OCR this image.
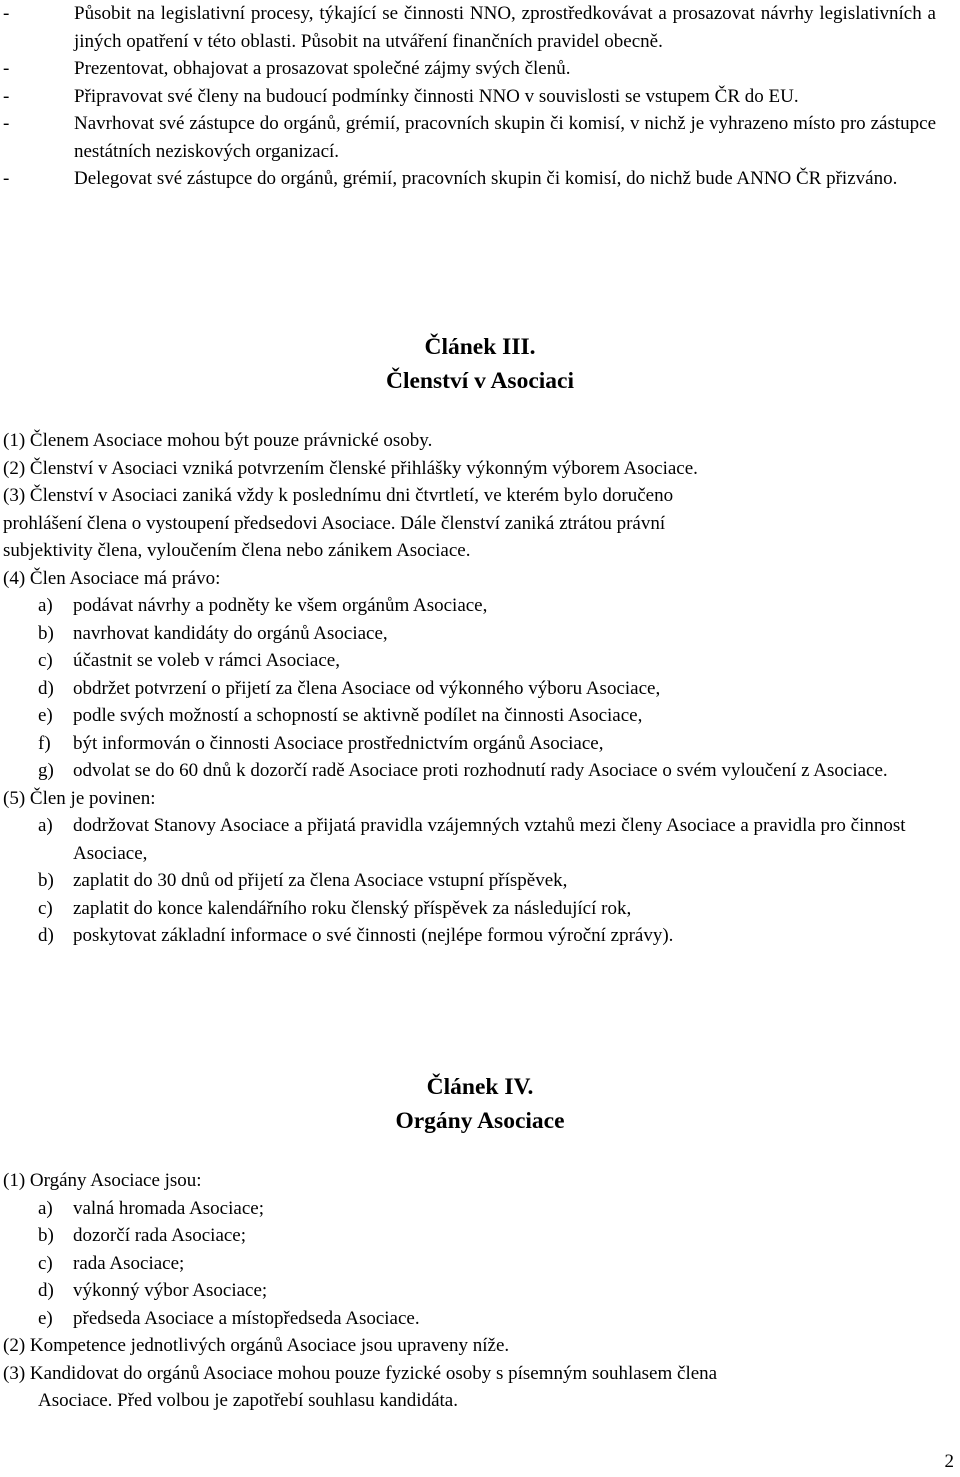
-	Působit na legislativní procesy, týkající se činnosti NNO, zprostředkovávat a prosazovat návrhy legislativních a jiných opatření v této oblasti. Působit na utváření finančních pravidel obecně.
-	Prezentovat, obhajovat a prosazovat společné zájmy svých členů.
-	Připravovat své členy na budoucí podmínky činnosti NNO v souvislosti se vstupem ČR do EU.
-	Navrhovat své zástupce do orgánů, grémií, pracovních skupin či komisí, v nichž je vyhrazeno místo pro zástupce nestátních neziskových organizací.
-	Delegovat své zástupce do orgánů, grémií, pracovních skupin či komisí, do nichž bude ANNO ČR přizváno.
Článek III.
Členství v Asociaci
(1) Členem Asociace mohou být pouze právnické osoby.
(2) Členství v Asociaci vzniká potvrzením členské přihlášky výkonným výborem Asociace.
(3) Členství v Asociaci zaniká vždy k poslednímu dni čtvrtletí, ve kterém bylo doručeno
prohlášení člena o vystoupení předsedovi Asociace. Dále členství zaniká ztrátou právní
subjektivity člena, vyloučením člena nebo zánikem Asociace.
(4) Člen Asociace má právo:
a) podávat návrhy a podněty ke všem orgánům Asociace,
b) navrhovat kandidáty do orgánů Asociace,
c) účastnit se voleb v rámci Asociace,
d) obdržet potvrzení o přijetí za člena Asociace od výkonného výboru Asociace,
e) podle svých možností a schopností se aktivně podílet na činnosti Asociace,
f) být informován o činnosti Asociace prostřednictvím orgánů Asociace,
g) odvolat se do 60 dnů k dozorčí radě Asociace proti rozhodnutí rady Asociace o svém vyloučení z Asociace.
(5) Člen je povinen:
a) dodržovat Stanovy Asociace a přijatá pravidla vzájemných vztahů mezi členy Asociace a pravidla pro činnost Asociace,
b) zaplatit do 30 dnů od přijetí za člena Asociace vstupní příspěvek,
c) zaplatit do konce kalendářního roku členský příspěvek za následující rok,
d) poskytovat základní informace o své činnosti (nejlépe formou výroční zprávy).
Článek IV.
Orgány Asociace
(1) Orgány Asociace jsou:
a) valná hromada Asociace;
b) dozorčí rada Asociace;
c) rada Asociace;
d) výkonný výbor Asociace;
e) předseda Asociace a místopředseda Asociace.
(2) Kompetence jednotlivých orgánů Asociace jsou upraveny níže.
(3) Kandidovat do orgánů Asociace mohou pouze fyzické osoby s písemným souhlasem člena
Asociace. Před volbou je zapotřebí souhlasu kandidáta.
2
